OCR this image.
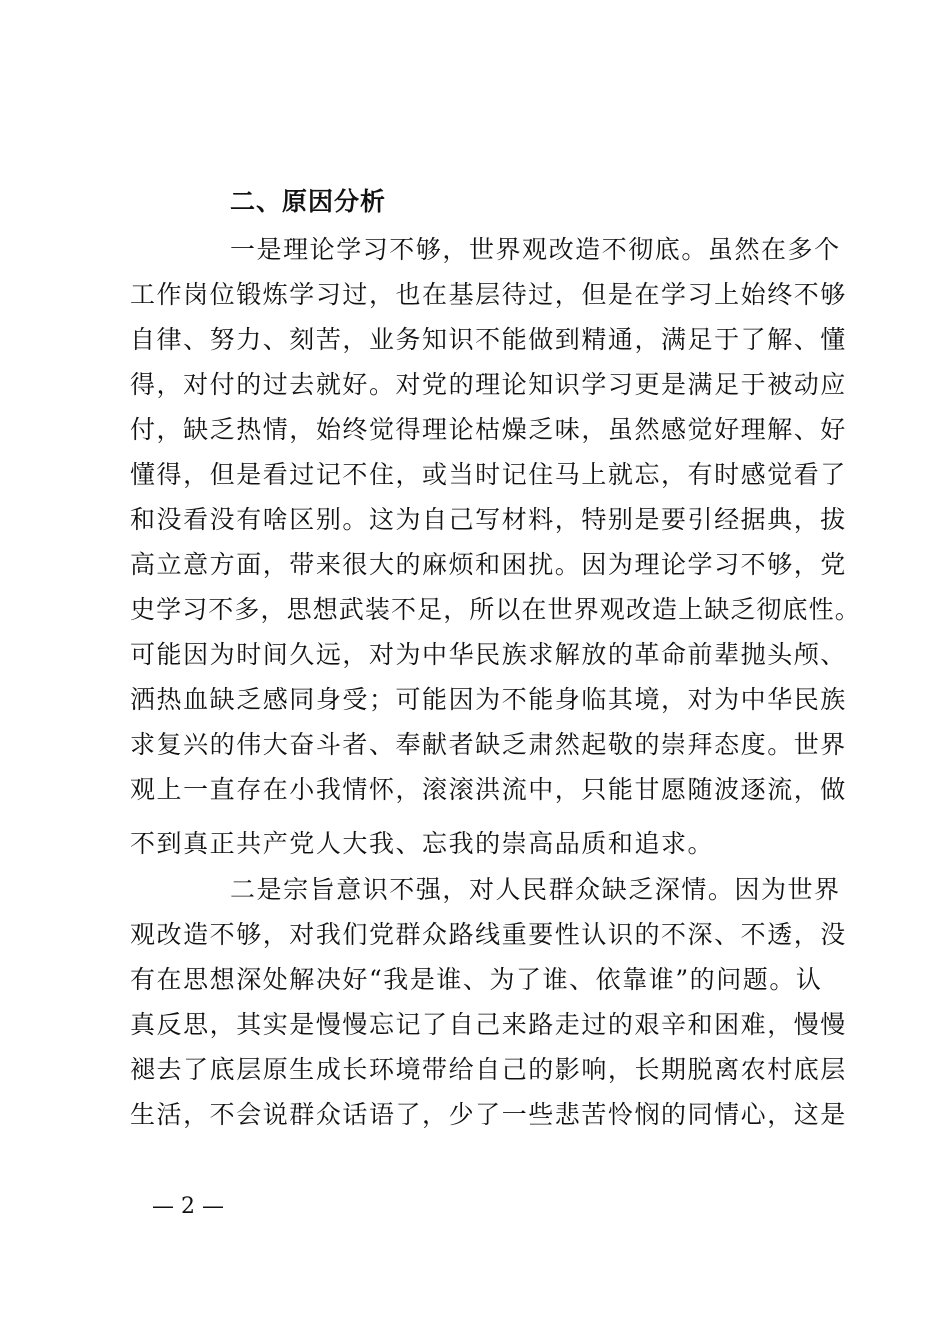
二、原因分析
一是理论学习不够，世界观改造不彻底。虽然在多个
工作岗位锻炼学习过，也在基层待过，但是在学习上始终不够
自律、努力、刻苦，业务知识不能做到精通，满足于了解、懂
得，对付的过去就好。对党的理论知识学习更是满足于被动应
付，缺乏热情，始终觉得理论枯燥乏味，虽然感觉好理解、好
懂得，但是看过记不住，或当时记住马上就忘，有时感觉看了
和没看没有啥区别。这为自己写材料，特别是要引经据典，拔
高立意方面，带来很大的麻烦和困扰。因为理论学习不够，党
史学习不多，思想武装不足，所以在世界观改造上缺乏彻底性。
可能因为时间久远，对为中华民族求解放的革命前辈抛头颅、
洒热血缺乏感同身受；可能因为不能身临其境，对为中华民族
求复兴的伟大奋斗者、奉献者缺乏肃然起敬的崇拜态度。世界
观上一直存在小我情怀，滚滚洪流中，只能甘愿随波逐流，做
不到真正共产党人大我、忘我的崇高品质和追求。
二是宗旨意识不强，对人民群众缺乏深情。因为世界
观改造不够，对我们党群众路线重要性认识的不深、不透，没
有在思想深处解决好“我是谁、为了谁、依靠谁”的问题。认
真反思，其实是慢慢忘记了自己来路走过的艰辛和困难，慢慢
褪去了底层原生成长环境带给自己的影响，长期脱离农村底层
生活，不会说群众话语了，少了一些悲苦怜悯的同情心，这是
— 2 —
